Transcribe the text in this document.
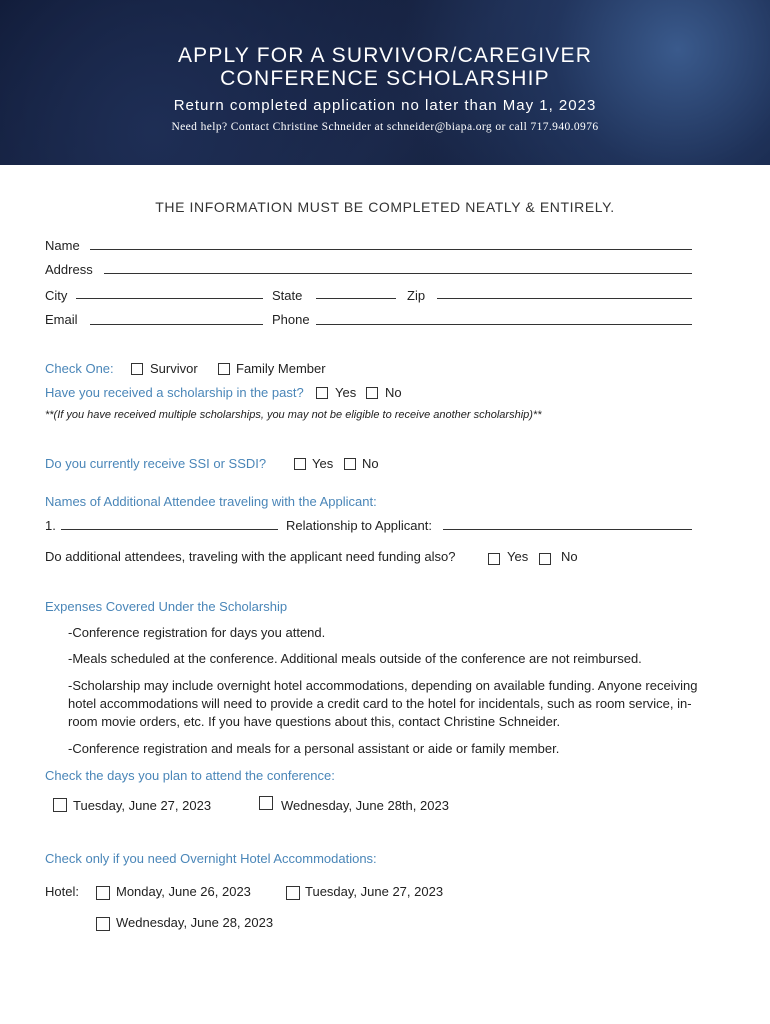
APPLY FOR A SURVIVOR/CAREGIVER
CONFERENCE SCHOLARSHIP
Return completed application no later than May 1, 2023
Need help? Contact Christine Schneider at schneider@biapa.org or call 717.940.0976
THE INFORMATION MUST BE COMPLETED NEATLY & ENTIRELY.
Name
Address
City	State	Zip
Email	Phone
Check One:	Survivor	Family Member
Have you received a scholarship in the past? Yes No
**(If you have received multiple scholarships, you may not be eligible to receive another scholarship)**
Do you currently receive SSI or SSDI?	Yes No
Names of Additional Attendee traveling with the Applicant:
1.	Relationship to Applicant:
Do additional attendees, traveling with the applicant need funding also?	Yes	No
Expenses Covered Under the Scholarship
-Conference registration for days you attend.
-Meals scheduled at the conference. Additional meals outside of the conference are not reimbursed.
-Scholarship may include overnight hotel accommodations, depending on available funding. Anyone receiving hotel accommodations will need to provide a credit card to the hotel for incidentals, such as room service, in-room movie orders, etc. If you have questions about this, contact Christine Schneider.
-Conference registration and meals for a personal assistant or aide or family member.
Check the days you plan to attend the conference:
Tuesday, June 27, 2023	Wednesday, June 28th, 2023
Check only if you need Overnight Hotel Accommodations:
Hotel:	Monday, June 26, 2023	Tuesday, June 27, 2023
Wednesday, June 28, 2023
